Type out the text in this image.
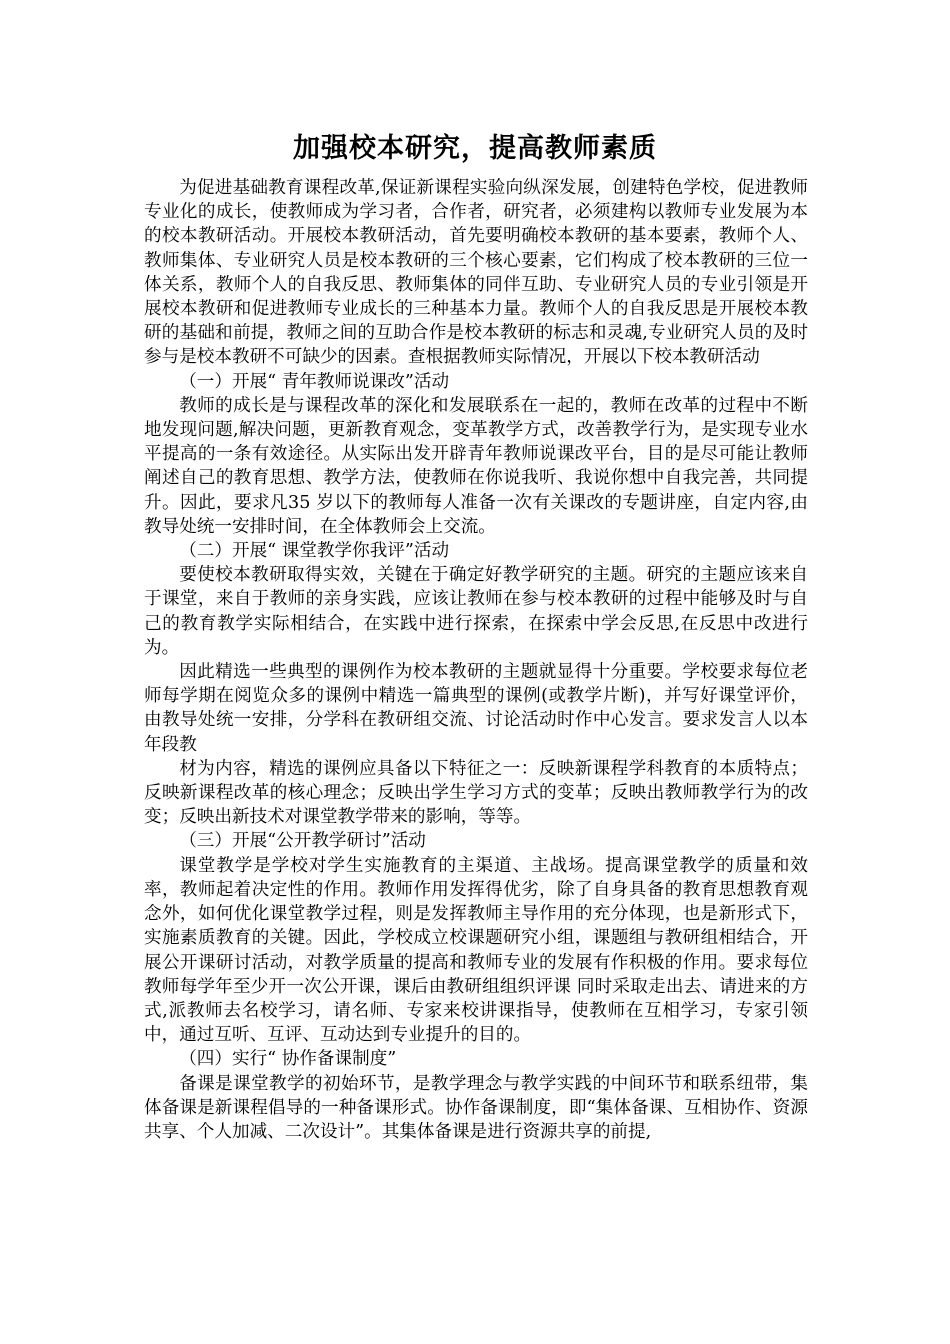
加强校本研究，提高教师素质

为促进基础教育课程改革,保证新课程实验向纵深发展，创建特色学校，促进教师专业化的成长，使教师成为学习者，合作者，研究者，必须建构以教师专业发展为本的校本教研活动。开展校本教研活动，首先要明确校本教研的基本要素，教师个人、教师集体、专业研究人员是校本教研的三个核心要素，它们构成了校本教研的三位一体关系，教师个人的自我反思、教师集体的同伴互助、专业研究人员的专业引领是开展校本教研和促进教师专业成长的三种基本力量。教师个人的自我反思是开展校本教研的基础和前提，教师之间的互助合作是校本教研的标志和灵魂,专业研究人员的及时参与是校本教研不可缺少的因素。查根据教师实际情况，开展以下校本教研活动

（一）开展“ 青年教师说课改”活动

教师的成长是与课程改革的深化和发展联系在一起的，教师在改革的过程中不断地发现问题,解决问题，更新教育观念，变革教学方式，改善教学行为，是实现专业水平提高的一条有效途径。从实际出发开辟青年教师说课改平台，目的是尽可能让教师阐述自己的教育思想、教学方法，使教师在你说我听、我说你想中自我完善，共同提升。因此，要求凡35 岁以下的教师每人准备一次有关课改的专题讲座，自定内容,由教导处统一安排时间，在全体教师会上交流。

（二）开展“ 课堂教学你我评”活动

要使校本教研取得实效，关键在于确定好教学研究的主题。研究的主题应该来自于课堂，来自于教师的亲身实践，应该让教师在参与校本教研的过程中能够及时与自己的教育教学实际相结合，在实践中进行探索，在探索中学会反思,在反思中改进行为。

因此精选一些典型的课例作为校本教研的主题就显得十分重要。学校要求每位老师每学期在阅览众多的课例中精选一篇典型的课例(或教学片断)，并写好课堂评价，由教导处统一安排，分学科在教研组交流、讨论活动时作中心发言。要求发言人以本年段教

材为内容，精选的课例应具备以下特征之一：反映新课程学科教育的本质特点；反映新课程改革的核心理念；反映出学生学习方式的变革；反映出教师教学行为的改变；反映出新技术对课堂教学带来的影响，等等。

（三）开展“公开教学研讨”活动

课堂教学是学校对学生实施教育的主渠道、主战场。提高课堂教学的质量和效率，教师起着决定性的作用。教师作用发挥得优劣，除了自身具备的教育思想教育观念外，如何优化课堂教学过程，则是发挥教师主导作用的充分体现，也是新形式下，实施素质教育的关键。因此，学校成立校课题研究小组，课题组与教研组相结合，开展公开课研讨活动，对教学质量的提高和教师专业的发展有作积极的作用。要求每位教师每学年至少开一次公开课，课后由教研组组织评课 同时采取走出去、请进来的方式,派教师去名校学习，请名师、专家来校讲课指导，使教师在互相学习，专家引领中，通过互听、互评、互动达到专业提升的目的。

（四）实行“ 协作备课制度”

备课是课堂教学的初始环节，是教学理念与教学实践的中间环节和联系纽带，集体备课是新课程倡导的一种备课形式。协作备课制度，即“集体备课、互相协作、资源共享、个人加减、二次设计”。其集体备课是进行资源共享的前提,
